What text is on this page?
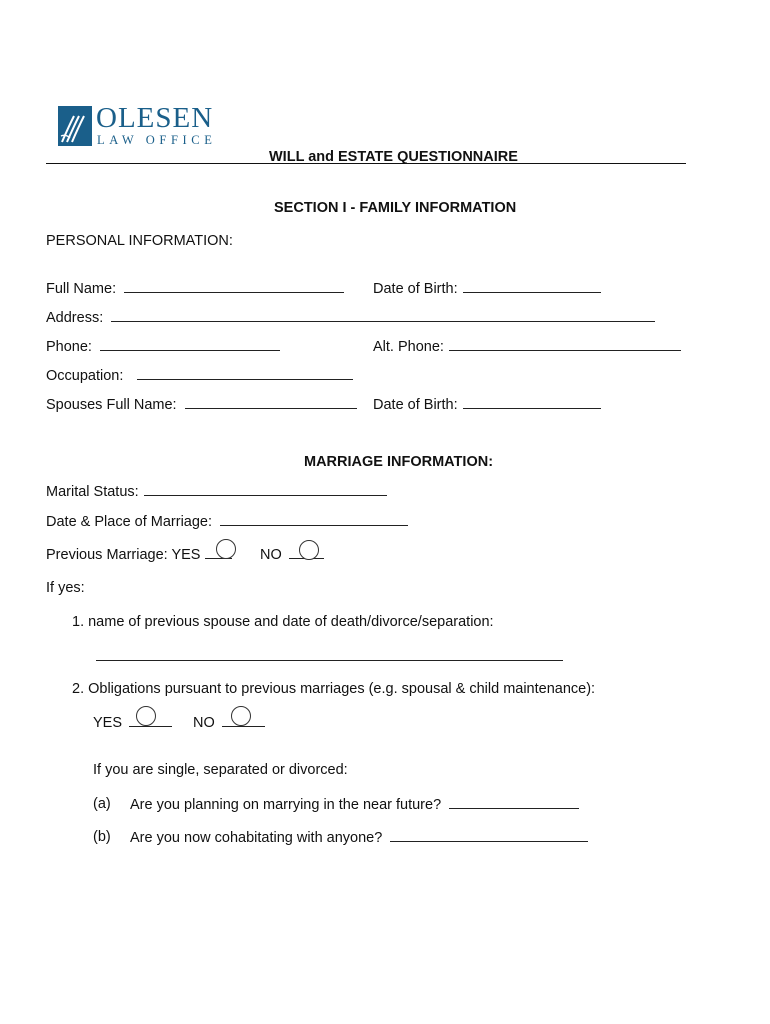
OLESEN
LAW OFFICE
WILL and ESTATE QUESTIONNAIRE
SECTION I - FAMILY INFORMATION
PERSONAL INFORMATION:
Full Name:	Date of Birth:
Address:
Phone:	Alt. Phone:
Occupation:
Spouses Full Name:	Date of Birth:
MARRIAGE INFORMATION:
Marital Status:
Date & Place of Marriage:
Previous Marriage: YES	NO
If yes:
1. name of previous spouse and date of death/divorce/separation:
2. Obligations pursuant to previous marriages (e.g. spousal & child maintenance):
YES	NO
If you are single, separated or divorced:
(a) Are you planning on marrying in the near future?
(b) Are you now cohabitating with anyone?
